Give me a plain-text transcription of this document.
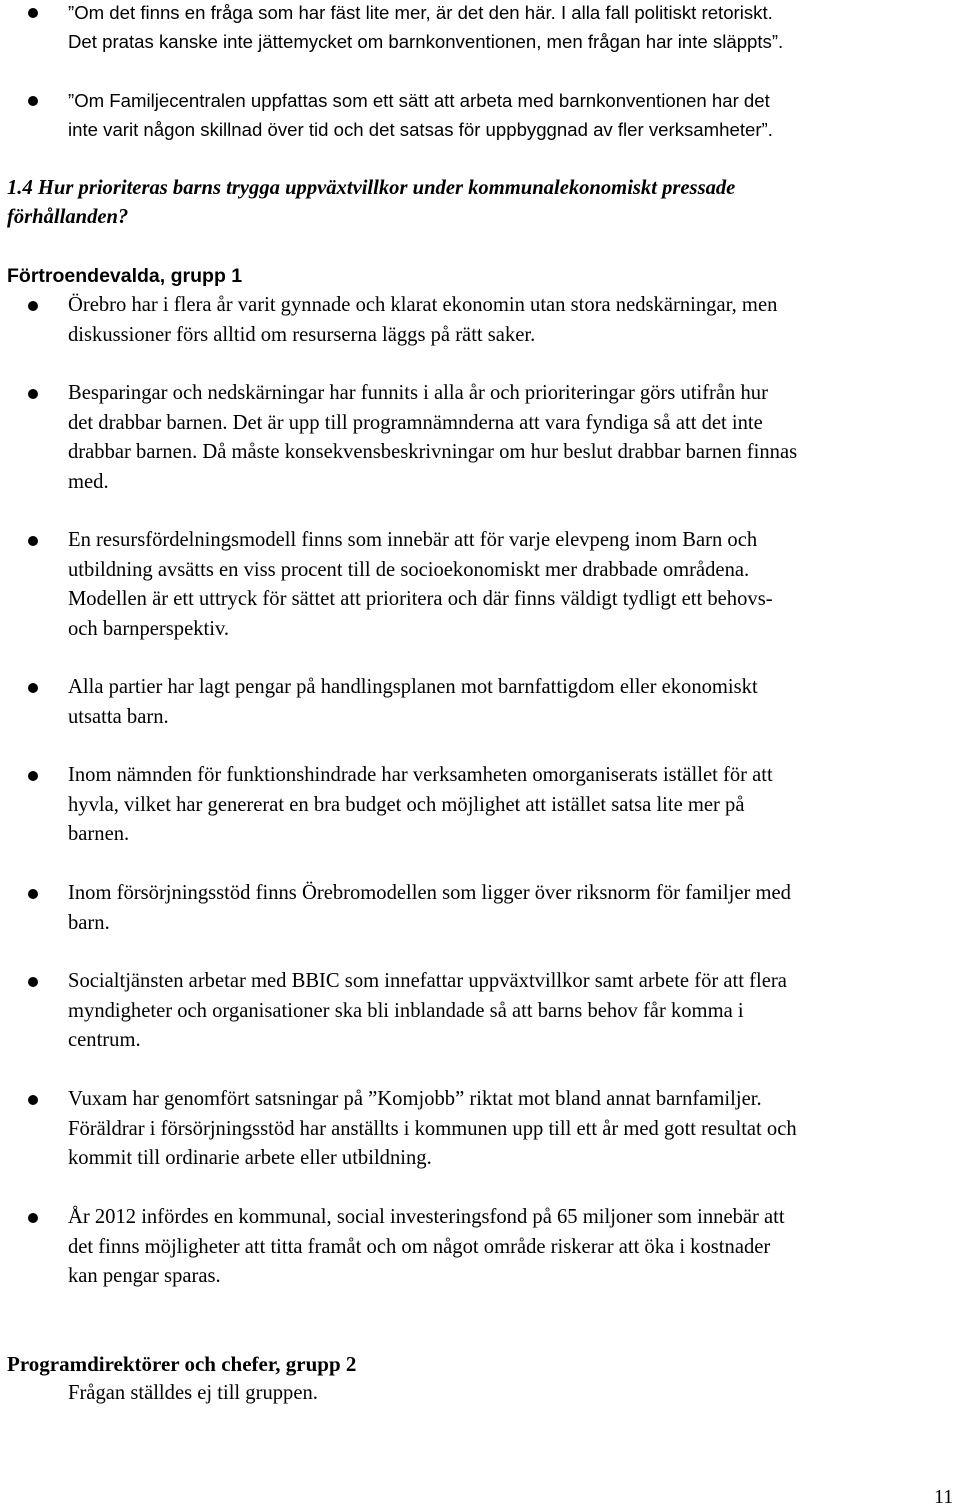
”Om det finns en fråga som har fäst lite mer, är det den här. I alla fall politiskt retoriskt.
Det pratas kanske inte jättemycket om barnkonventionen, men frågan har inte släppts”.
”Om Familjecentralen uppfattas som ett sätt att arbeta med barnkonventionen har det
inte varit någon skillnad över tid och det satsas för uppbyggnad av fler verksamheter”.
1.4 Hur prioriteras barns trygga uppväxtvillkor under kommunalekonomiskt pressade
förhållanden?
Förtroendevalda, grupp 1
Örebro har i flera år varit gynnade och klarat ekonomin utan stora nedskärningar, men
diskussioner förs alltid om resurserna läggs på rätt saker.
Besparingar och nedskärningar har funnits i alla år och prioriteringar görs utifrån hur
det drabbar barnen. Det är upp till programnämnderna att vara fyndiga så att det inte
drabbar barnen. Då måste konsekvensbeskrivningar om hur beslut drabbar barnen finnas
med.
En resursfördelningsmodell finns som innebär att för varje elevpeng inom Barn och
utbildning avsätts en viss procent till de socioekonomiskt mer drabbade områdena.
Modellen är ett uttryck för sättet att prioritera och där finns väldigt tydligt ett behovs-
och barnperspektiv.
Alla partier har lagt pengar på handlingsplanen mot barnfattigdom eller ekonomiskt
utsatta barn.
Inom nämnden för funktionshindrade har verksamheten omorganiserats istället för att
hyvla, vilket har genererat en bra budget och möjlighet att istället satsa lite mer på
barnen.
Inom försörjningsstöd finns Örebromodellen som ligger över riksnorm för familjer med
barn.
Socialtjänsten arbetar med BBIC som innefattar uppväxtvillkor samt arbete för att flera
myndigheter och organisationer ska bli inblandade så att barns behov får komma i
centrum.
Vuxam har genomfört satsningar på ”Komjobb” riktat mot bland annat barnfamiljer.
Föräldrar i försörjningsstöd har anställts i kommunen upp till ett år med gott resultat och
kommit till ordinarie arbete eller utbildning.
År 2012 infördes en kommunal, social investeringsfond på 65 miljoner som innebär att
det finns möjligheter att titta framåt och om något område riskerar att öka i kostnader
kan pengar sparas.
Programdirektörer och chefer, grupp 2
Frågan ställdes ej till gruppen.
11
